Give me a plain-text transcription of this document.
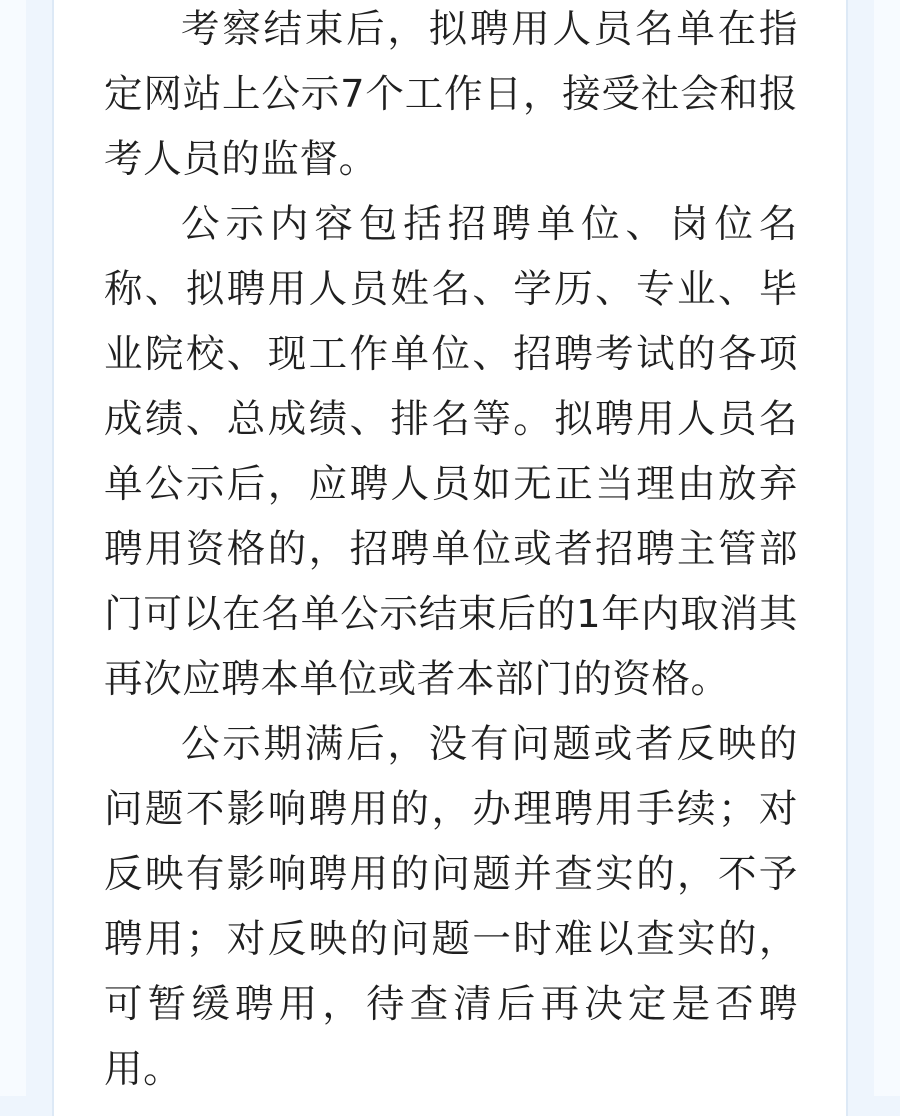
考察结束后，拟聘用人员名单在指定网站上公示7个工作日，接受社会和报考人员的监督。

公示内容包括招聘单位、岗位名称、拟聘用人员姓名、学历、专业、毕业院校、现工作单位、招聘考试的各项成绩、总成绩、排名等。拟聘用人员名单公示后，应聘人员如无正当理由放弃聘用资格的，招聘单位或者招聘主管部门可以在名单公示结束后的1年内取消其再次应聘本单位或者本部门的资格。

公示期满后，没有问题或者反映的问题不影响聘用的，办理聘用手续；对反映有影响聘用的问题并查实的，不予聘用；对反映的问题一时难以查实的，可暂缓聘用，待查清后再决定是否聘用。
